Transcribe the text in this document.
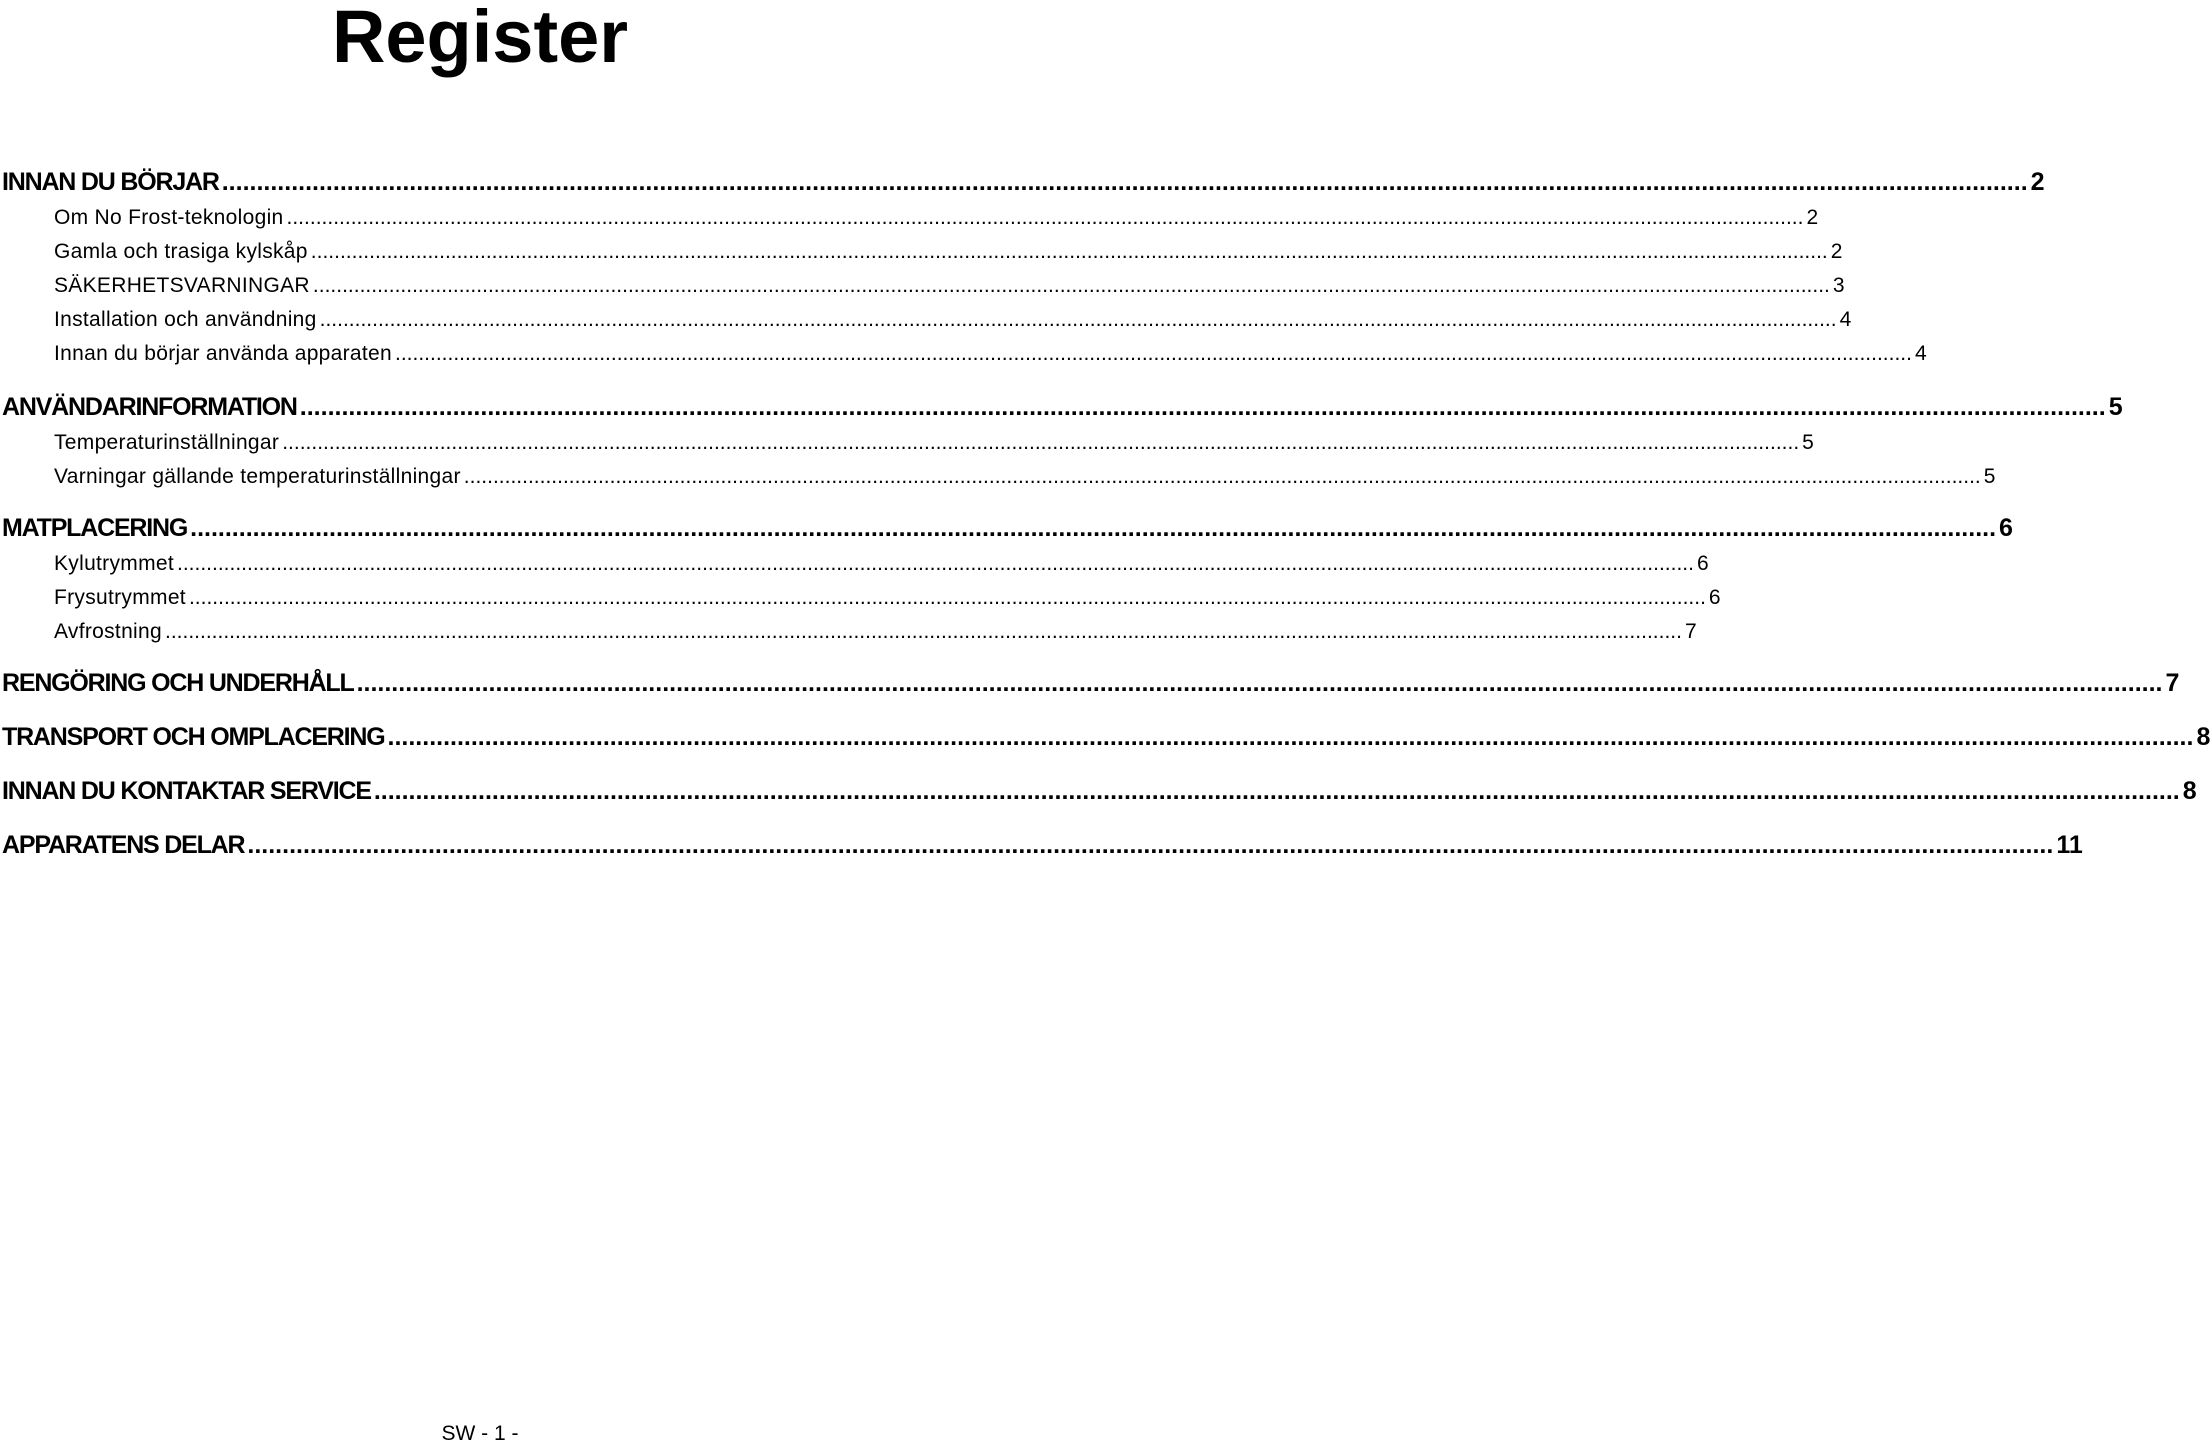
Register
INNAN DU BÖRJAR .................................................................................................................................................................................................................................................................... 2
Om No Frost-teknologin .................................................................................................................................................................................................................................................................... 2
Gamla och trasiga kylskåp .................................................................................................................................................................................................................................................................... 2
SÄKERHETSVARNINGAR .................................................................................................................................................................................................................................................................... 3
Installation och användning .................................................................................................................................................................................................................................................................... 4
Innan du börjar använda apparaten .................................................................................................................................................................................................................................................................... 4
ANVÄNDARINFORMATION .................................................................................................................................................................................................................................................................... 5
Temperaturinställningar .................................................................................................................................................................................................................................................................... 5
Varningar gällande temperaturinställningar .................................................................................................................................................................................................................................................................... 5
MATPLACERING .................................................................................................................................................................................................................................................................... 6
Kylutrymmet .................................................................................................................................................................................................................................................................... 6
Frysutrymmet .................................................................................................................................................................................................................................................................... 6
Avfrostning .................................................................................................................................................................................................................................................................... 7
RENGÖRING OCH UNDERHÅLL .................................................................................................................................................................................................................................................................... 7
TRANSPORT OCH OMPLACERING .................................................................................................................................................................................................................................................................... 8
INNAN DU KONTAKTAR SERVICE .................................................................................................................................................................................................................................................................... 8
APPARATENS DELAR .................................................................................................................................................................................................................................................................... 11
SW - 1 -
